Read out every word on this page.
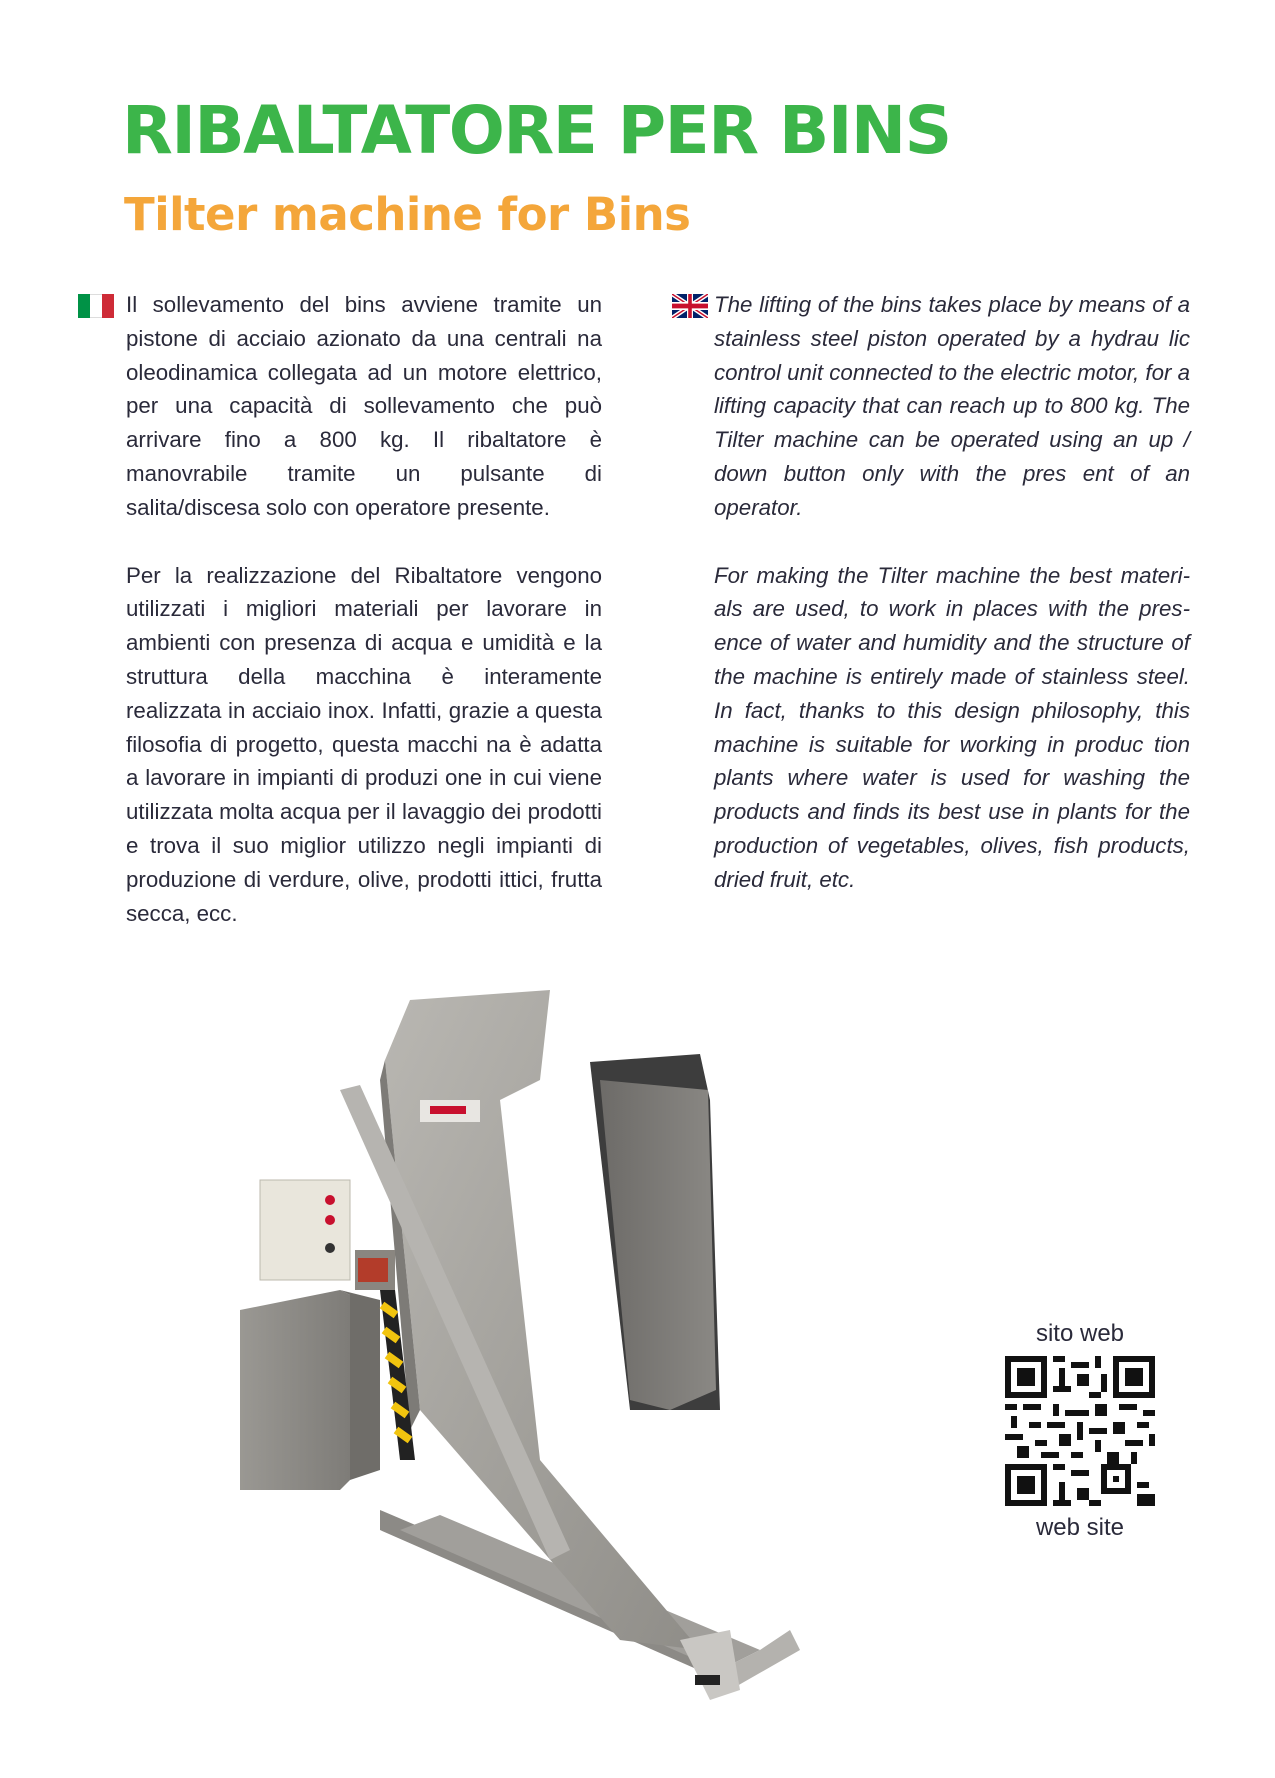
RIBALTATORE PER BINS
Tilter machine for Bins

Il sollevamento del bins avviene tramite un pistone di acciaio azionato da una centrali na oleodinamica collegata ad un motore elettrico, per una capacità di sollevamento che può arrivare fino a 800 kg. Il ribaltatore è manovrabile tramite un pulsante di salita/discesa solo con operatore presente.

Per la realizzazione del Ribaltatore vengono utilizzati i migliori materiali per lavorare in ambienti con presenza di acqua e umidità e la struttura della macchina è interamente realizzata in acciaio inox. Infatti, grazie a questa filosofia di progetto, questa macchi na è adatta a lavorare in impianti di produzi one in cui viene utilizzata molta acqua per il lavaggio dei prodotti e trova il suo miglior utilizzo negli impianti di produzione di verdure, olive, prodotti ittici, frutta secca, ecc.

The lifting of the bins takes place by means of a stainless steel piston operated by a hydrau lic control unit connected to the electric motor, for a lifting capacity that can reach up to 800 kg. The Tilter machine can be operated using an up / down button only with the pres ent of an operator.

For making the Tilter machine the best materi als are used, to work in places with the pres ence of water and humidity and the structure of the machine is entirely made of stainless steel. In fact, thanks to this design philosophy, this machine is suitable for working in produc tion plants where water is used for washing the products and finds its best use in plants for the production of vegetables, olives, fish products, dried fruit, etc.

sito web
web site
